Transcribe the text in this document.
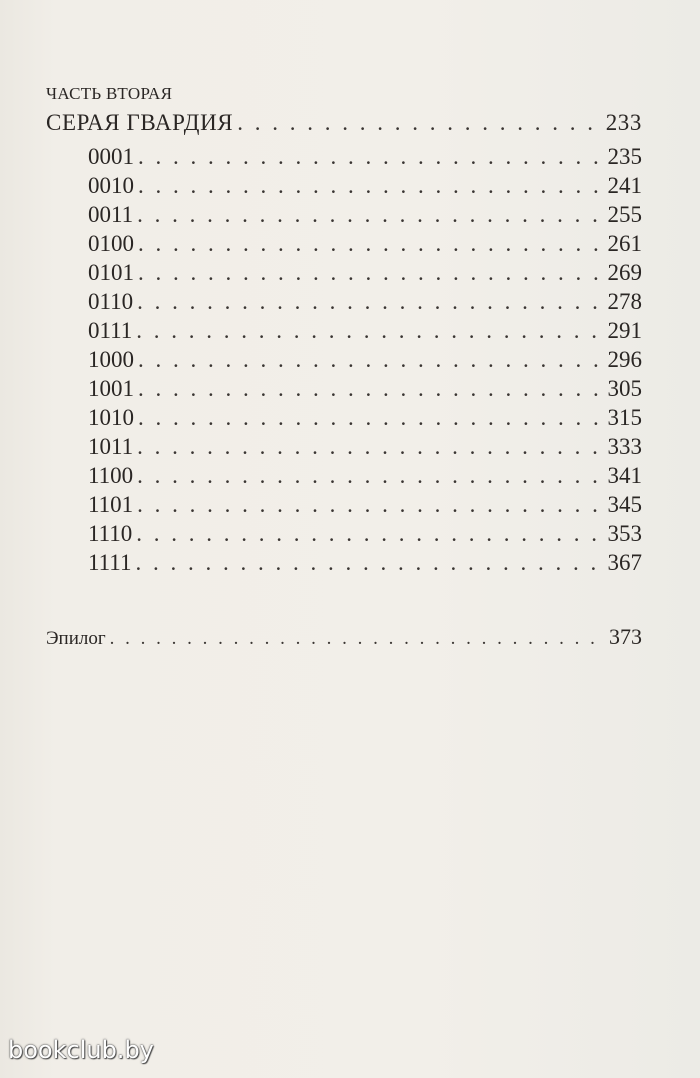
ЧАСТЬ ВТОРАЯ
СЕРАЯ ГВАРДИЯ . . .	233
0001 . . .	235
0010 . . .	241
0011 . . .	255
0100 . . .	261
0101 . . .	269
0110 . . .	278
0111 . . .	291
1000 . . .	296
1001 . . .	305
1010 . . .	315
1011 . . .	333
1100 . . .	341
1101 . . .	345
1110 . . .	353
1111 . . .	367
Эпилог . . .	373
bookclub.by
